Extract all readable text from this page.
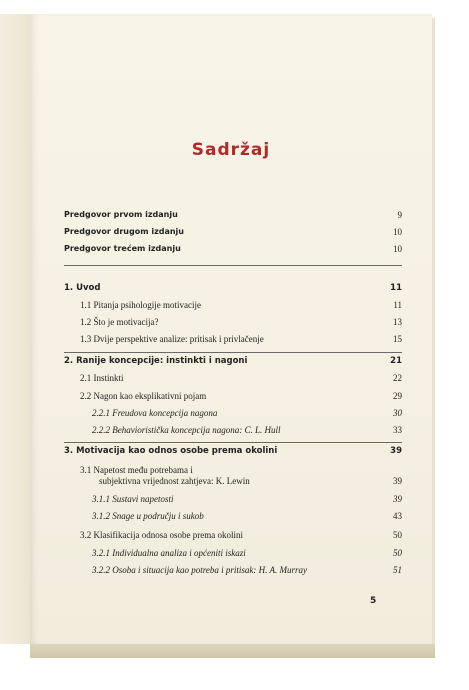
Sadržaj
Predgovor prvom izdanju	9
Predgovor drugom izdanju	10
Predgovor trećem izdanju	10
1. Uvod	11
1.1 Pitanja psihologije motivacije	11
1.2 Što je motivacija?	13
1.3 Dvije perspektive analize: pritisak i privlačenje	15
2. Ranije koncepcije: instinkti i nagoni	21
2.1 Instinkti	22
2.2 Nagon kao eksplikativni pojam	29
2.2.1 Freudova koncepcija nagona	30
2.2.2 Behavioristička koncepcija nagona: C. L. Hull	33
3. Motivacija kao odnos osobe prema okolini	39
3.1 Napetost među potrebama i
subjektivna vrijednost zahtjeva: K. Lewin	39
3.1.1 Sustavi napetosti	39
3.1.2 Snage u području i sukob	43
3.2 Klasifikacija odnosa osobe prema okolini	50
3.2.1 Individualna analiza i općeniti iskazi	50
3.2.2 Osoba i situacija kao potreba i pritisak: H. A. Murray	51
5
